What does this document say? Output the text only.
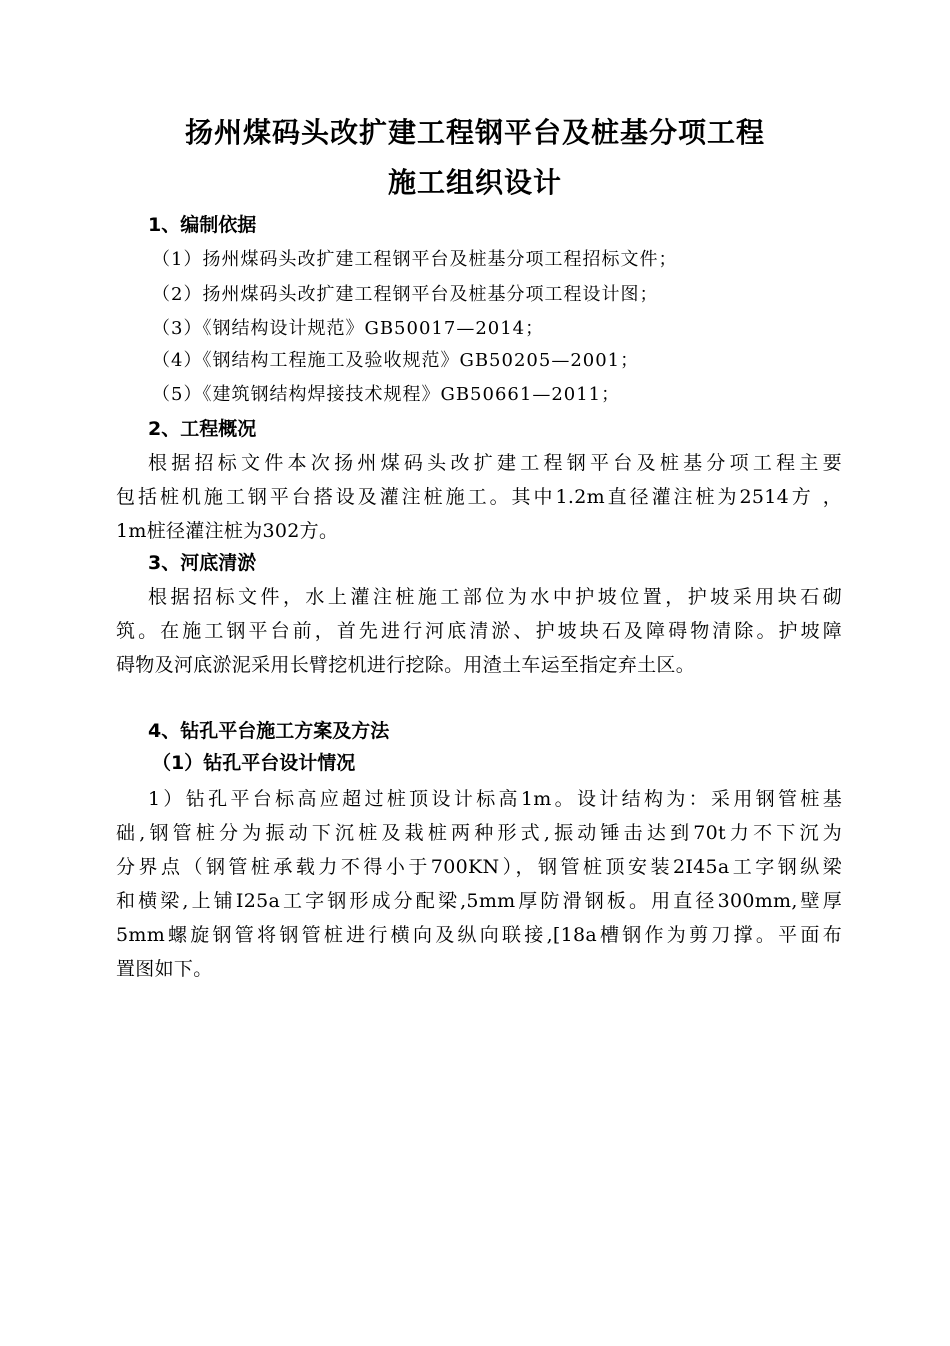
扬州煤码头改扩建工程钢平台及桩基分项工程
施工组织设计
1、编制依据
（1）扬州煤码头改扩建工程钢平台及桩基分项工程招标文件；
（2）扬州煤码头改扩建工程钢平台及桩基分项工程设计图；
（3）《钢结构设计规范》GB50017—2014；
（4）《钢结构工程施工及验收规范》GB50205—2001；
（5）《建筑钢结构焊接技术规程》GB50661—2011；
2、工程概况
根据招标文件本次扬州煤码头改扩建工程钢平台及桩基分项工程主要
包括桩机施工钢平台搭设及灌注桩施工。其中1.2m直径灌注桩为2514方 ，
1m桩径灌注桩为302方。
3、河底清淤
根据招标文件，水上灌注桩施工部位为水中护坡位置，护坡采用块石砌
筑。在施工钢平台前，首先进行河底清淤、护坡块石及障碍物清除。护坡障
碍物及河底淤泥采用长臂挖机进行挖除。用渣土车运至指定弃土区。
4、钻孔平台施工方案及方法
（1）钻孔平台设计情况
1）钻孔平台标高应超过桩顶设计标高1m。设计结构为：采用钢管桩基
础,钢管桩分为振动下沉桩及栽桩两种形式,振动锤击达到70t力不下沉为
分界点（钢管桩承载力不得小于700KN），钢管桩顶安装2I45a工字钢纵梁
和横梁,上铺I25a工字钢形成分配梁,5mm厚防滑钢板。用直径300mm,壁厚
5mm螺旋钢管将钢管桩进行横向及纵向联接,[18a槽钢作为剪刀撑。平面布
置图如下。
